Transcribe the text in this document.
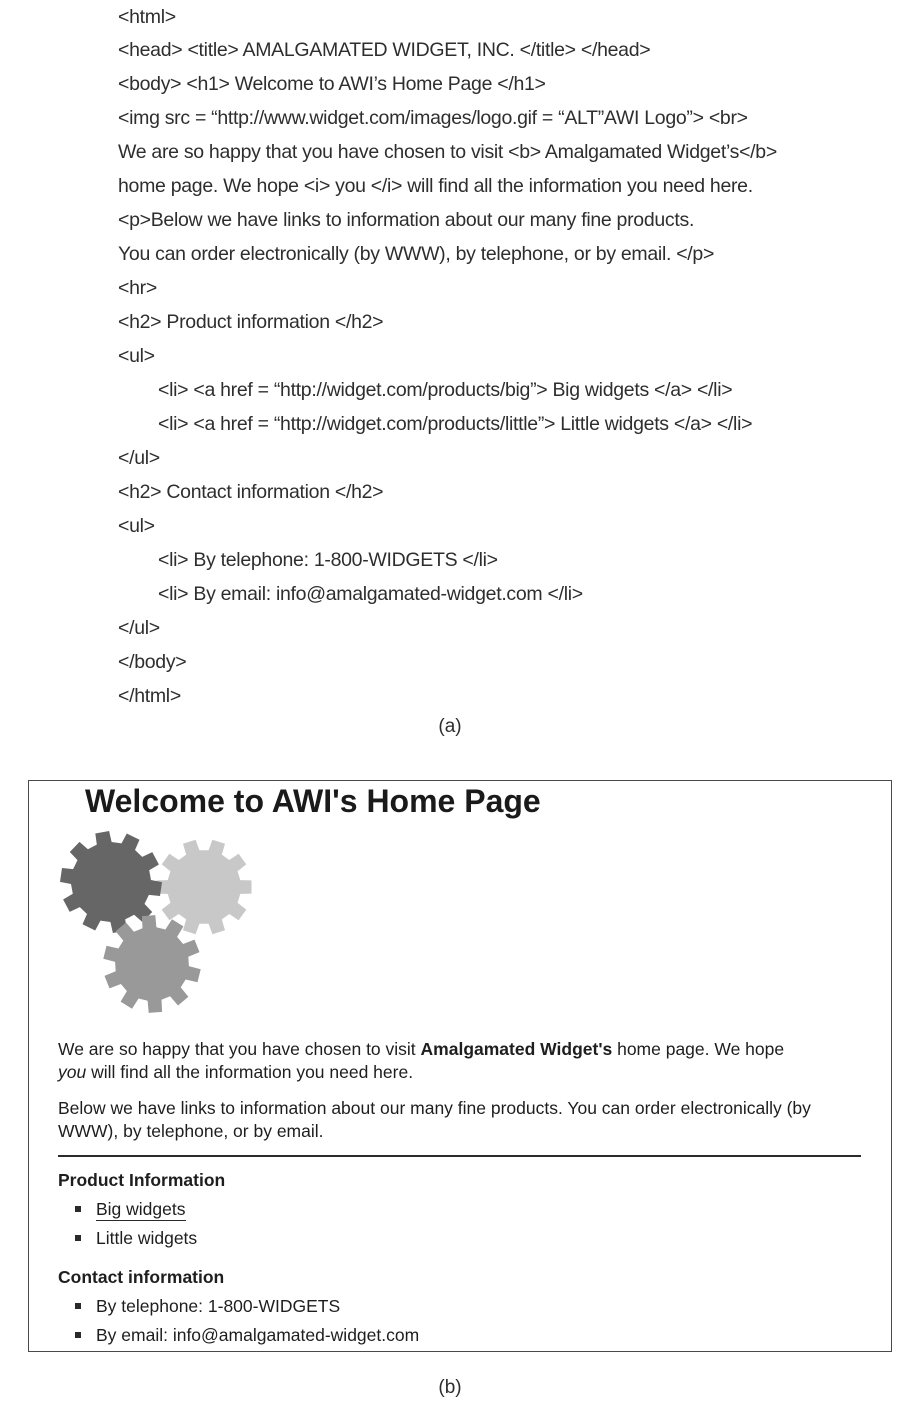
<html>
<head> <title> AMALGAMATED WIDGET, INC. </title> </head>
<body> <h1> Welcome to AWI’s Home Page </h1>
<img src = “http://www.widget.com/images/logo.gif = “ALT”AWI Logo”> <br>
We are so happy that you have chosen to visit <b> Amalgamated Widget’s</b>
home page. We hope <i> you </i> will find all the information you need here.
<p>Below we have links to information about our many fine products.
You can order electronically (by WWW), by telephone, or by email. </p>
<hr>
<h2> Product information </h2>
<ul>
<li> <a href = “http://widget.com/products/big”> Big widgets </a> </li>
<li> <a href = “http://widget.com/products/little”> Little widgets </a> </li>
</ul>
<h2> Contact information </h2>
<ul>
<li> By telephone: 1-800-WIDGETS </li>
<li> By email: info@amalgamated-widget.com </li>
</ul>
</body>
</html>
(a)
Welcome to AWI's Home Page

We are so happy that you have chosen to visit Amalgamated Widget's home page. We hope
you will find all the information you need here.

Below we have links to information about our many fine products. You can order electronically (by WWW), by telephone, or by email.

Product Information
Big widgets
Little widgets
Contact information
By telephone: 1-800-WIDGETS
By email: info@amalgamated-widget.com
(b)
